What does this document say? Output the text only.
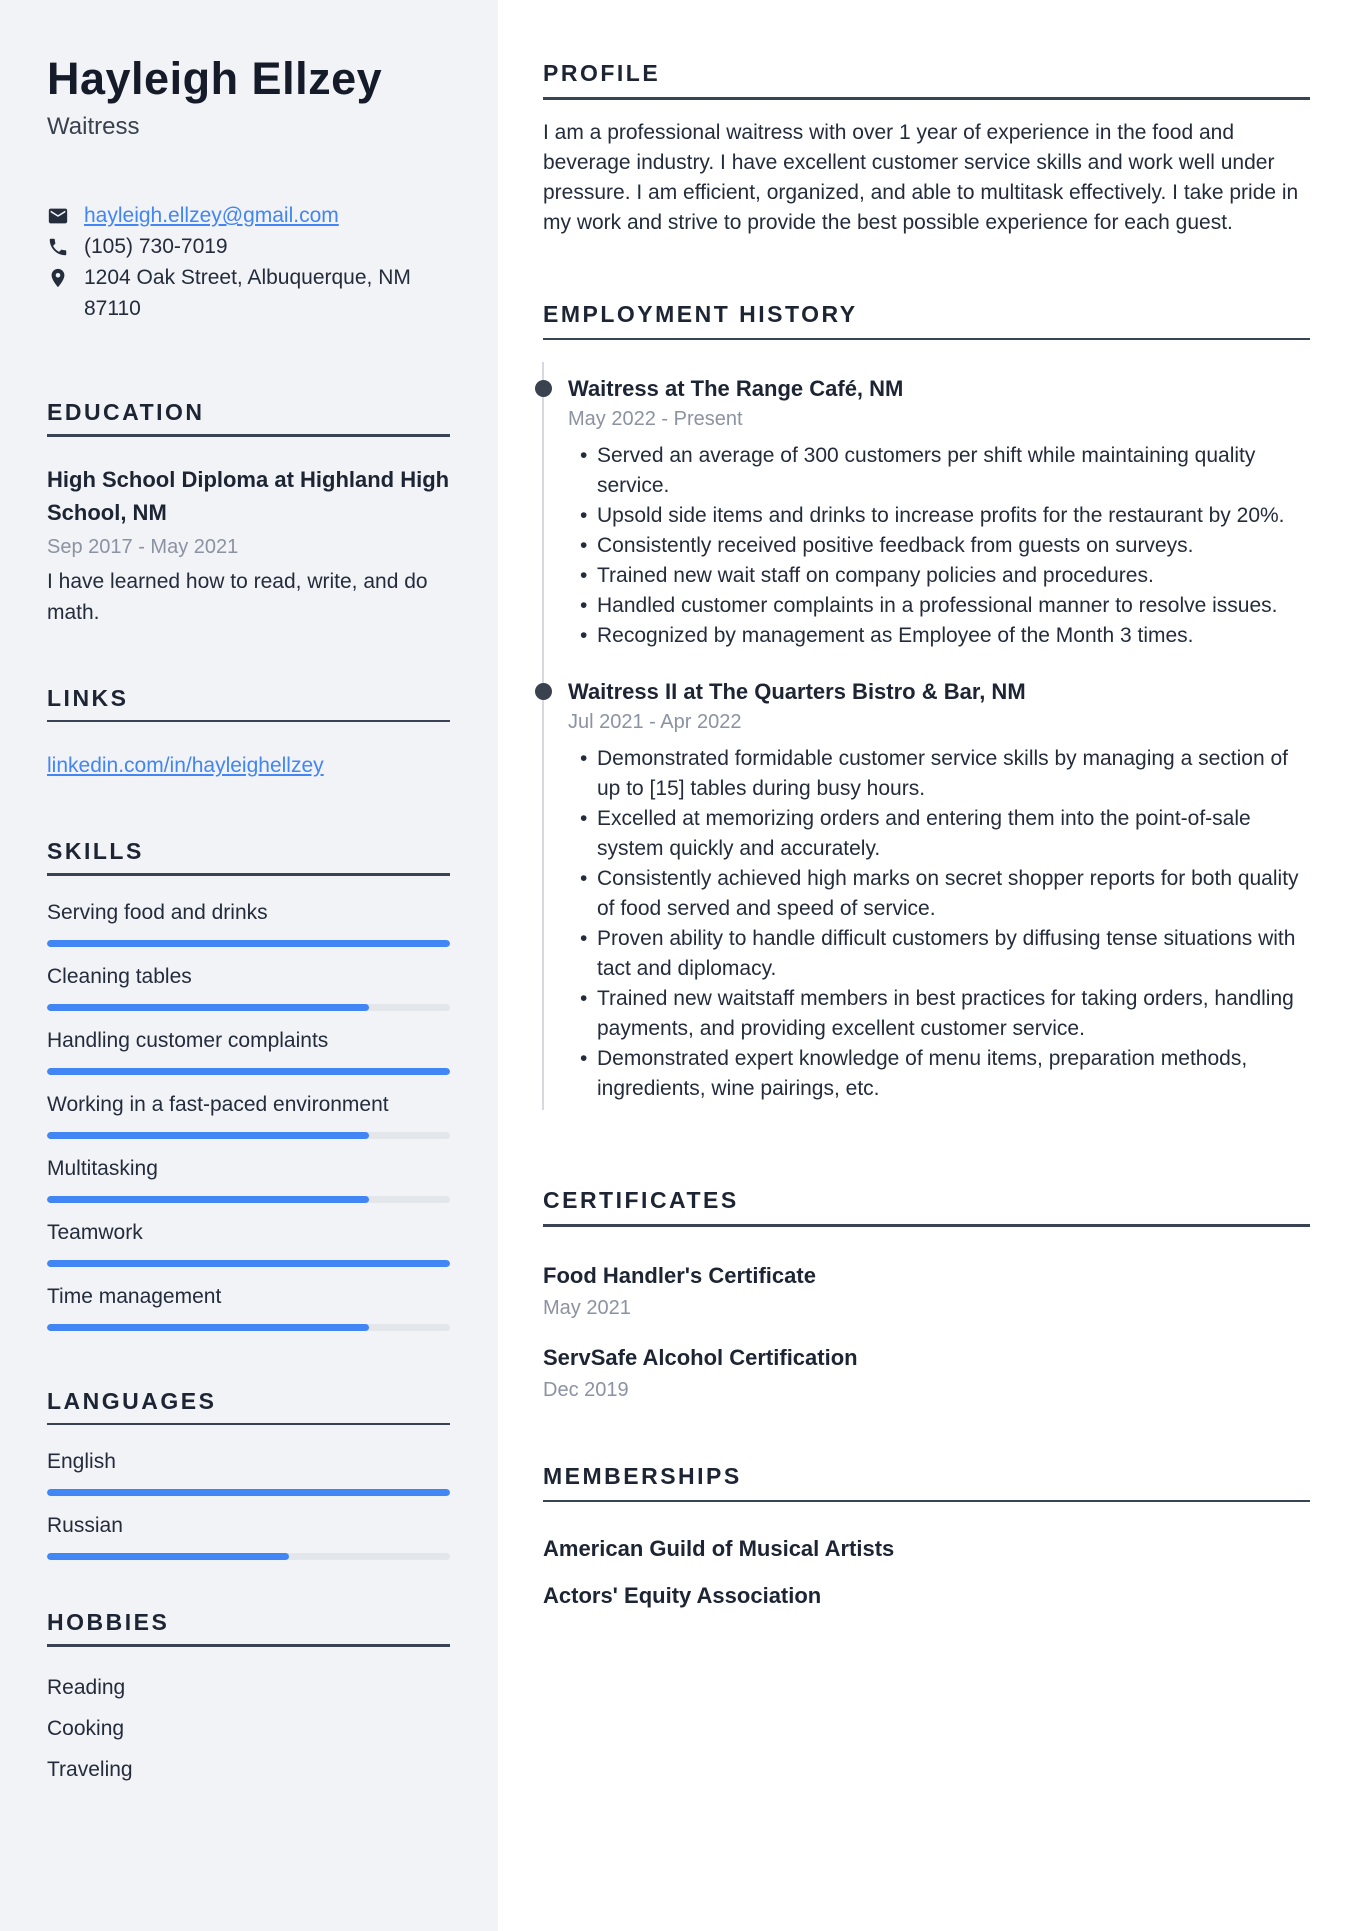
Hayleigh Ellzey
Waitress
hayleigh.ellzey@gmail.com
(105) 730-7019
1204 Oak Street, Albuquerque, NM 87110
EDUCATION
High School Diploma at Highland High School, NM
Sep 2017 - May 2021
I have learned how to read, write, and do math.
LINKS
linkedin.com/in/hayleighellzey
SKILLS
Serving food and drinks
Cleaning tables
Handling customer complaints
Working in a fast-paced environment
Multitasking
Teamwork
Time management
LANGUAGES
English
Russian
HOBBIES
Reading
Cooking
Traveling
PROFILE

I am a professional waitress with over 1 year of experience in the food and beverage industry. I have excellent customer service skills and work well under pressure. I am efficient, organized, and able to multitask effectively. I take pride in my work and strive to provide the best possible experience for each guest.

EMPLOYMENT HISTORY
Waitress at The Range Café, NM
May 2022 - Present
• Served an average of 300 customers per shift while maintaining quality service.
• Upsold side items and drinks to increase profits for the restaurant by 20%.
• Consistently received positive feedback from guests on surveys.
• Trained new wait staff on company policies and procedures.
• Handled customer complaints in a professional manner to resolve issues.
• Recognized by management as Employee of the Month 3 times.
Waitress II at The Quarters Bistro & Bar, NM
Jul 2021 - Apr 2022
• Demonstrated formidable customer service skills by managing a section of up to [15] tables during busy hours.
• Excelled at memorizing orders and entering them into the point-of-sale system quickly and accurately.
• Consistently achieved high marks on secret shopper reports for both quality of food served and speed of service.
• Proven ability to handle difficult customers by diffusing tense situations with tact and diplomacy.
• Trained new waitstaff members in best practices for taking orders, handling payments, and providing excellent customer service.
• Demonstrated expert knowledge of menu items, preparation methods, ingredients, wine pairings, etc.
CERTIFICATES
Food Handler's Certificate
May 2021
ServSafe Alcohol Certification
Dec 2019
MEMBERSHIPS
American Guild of Musical Artists
Actors' Equity Association
